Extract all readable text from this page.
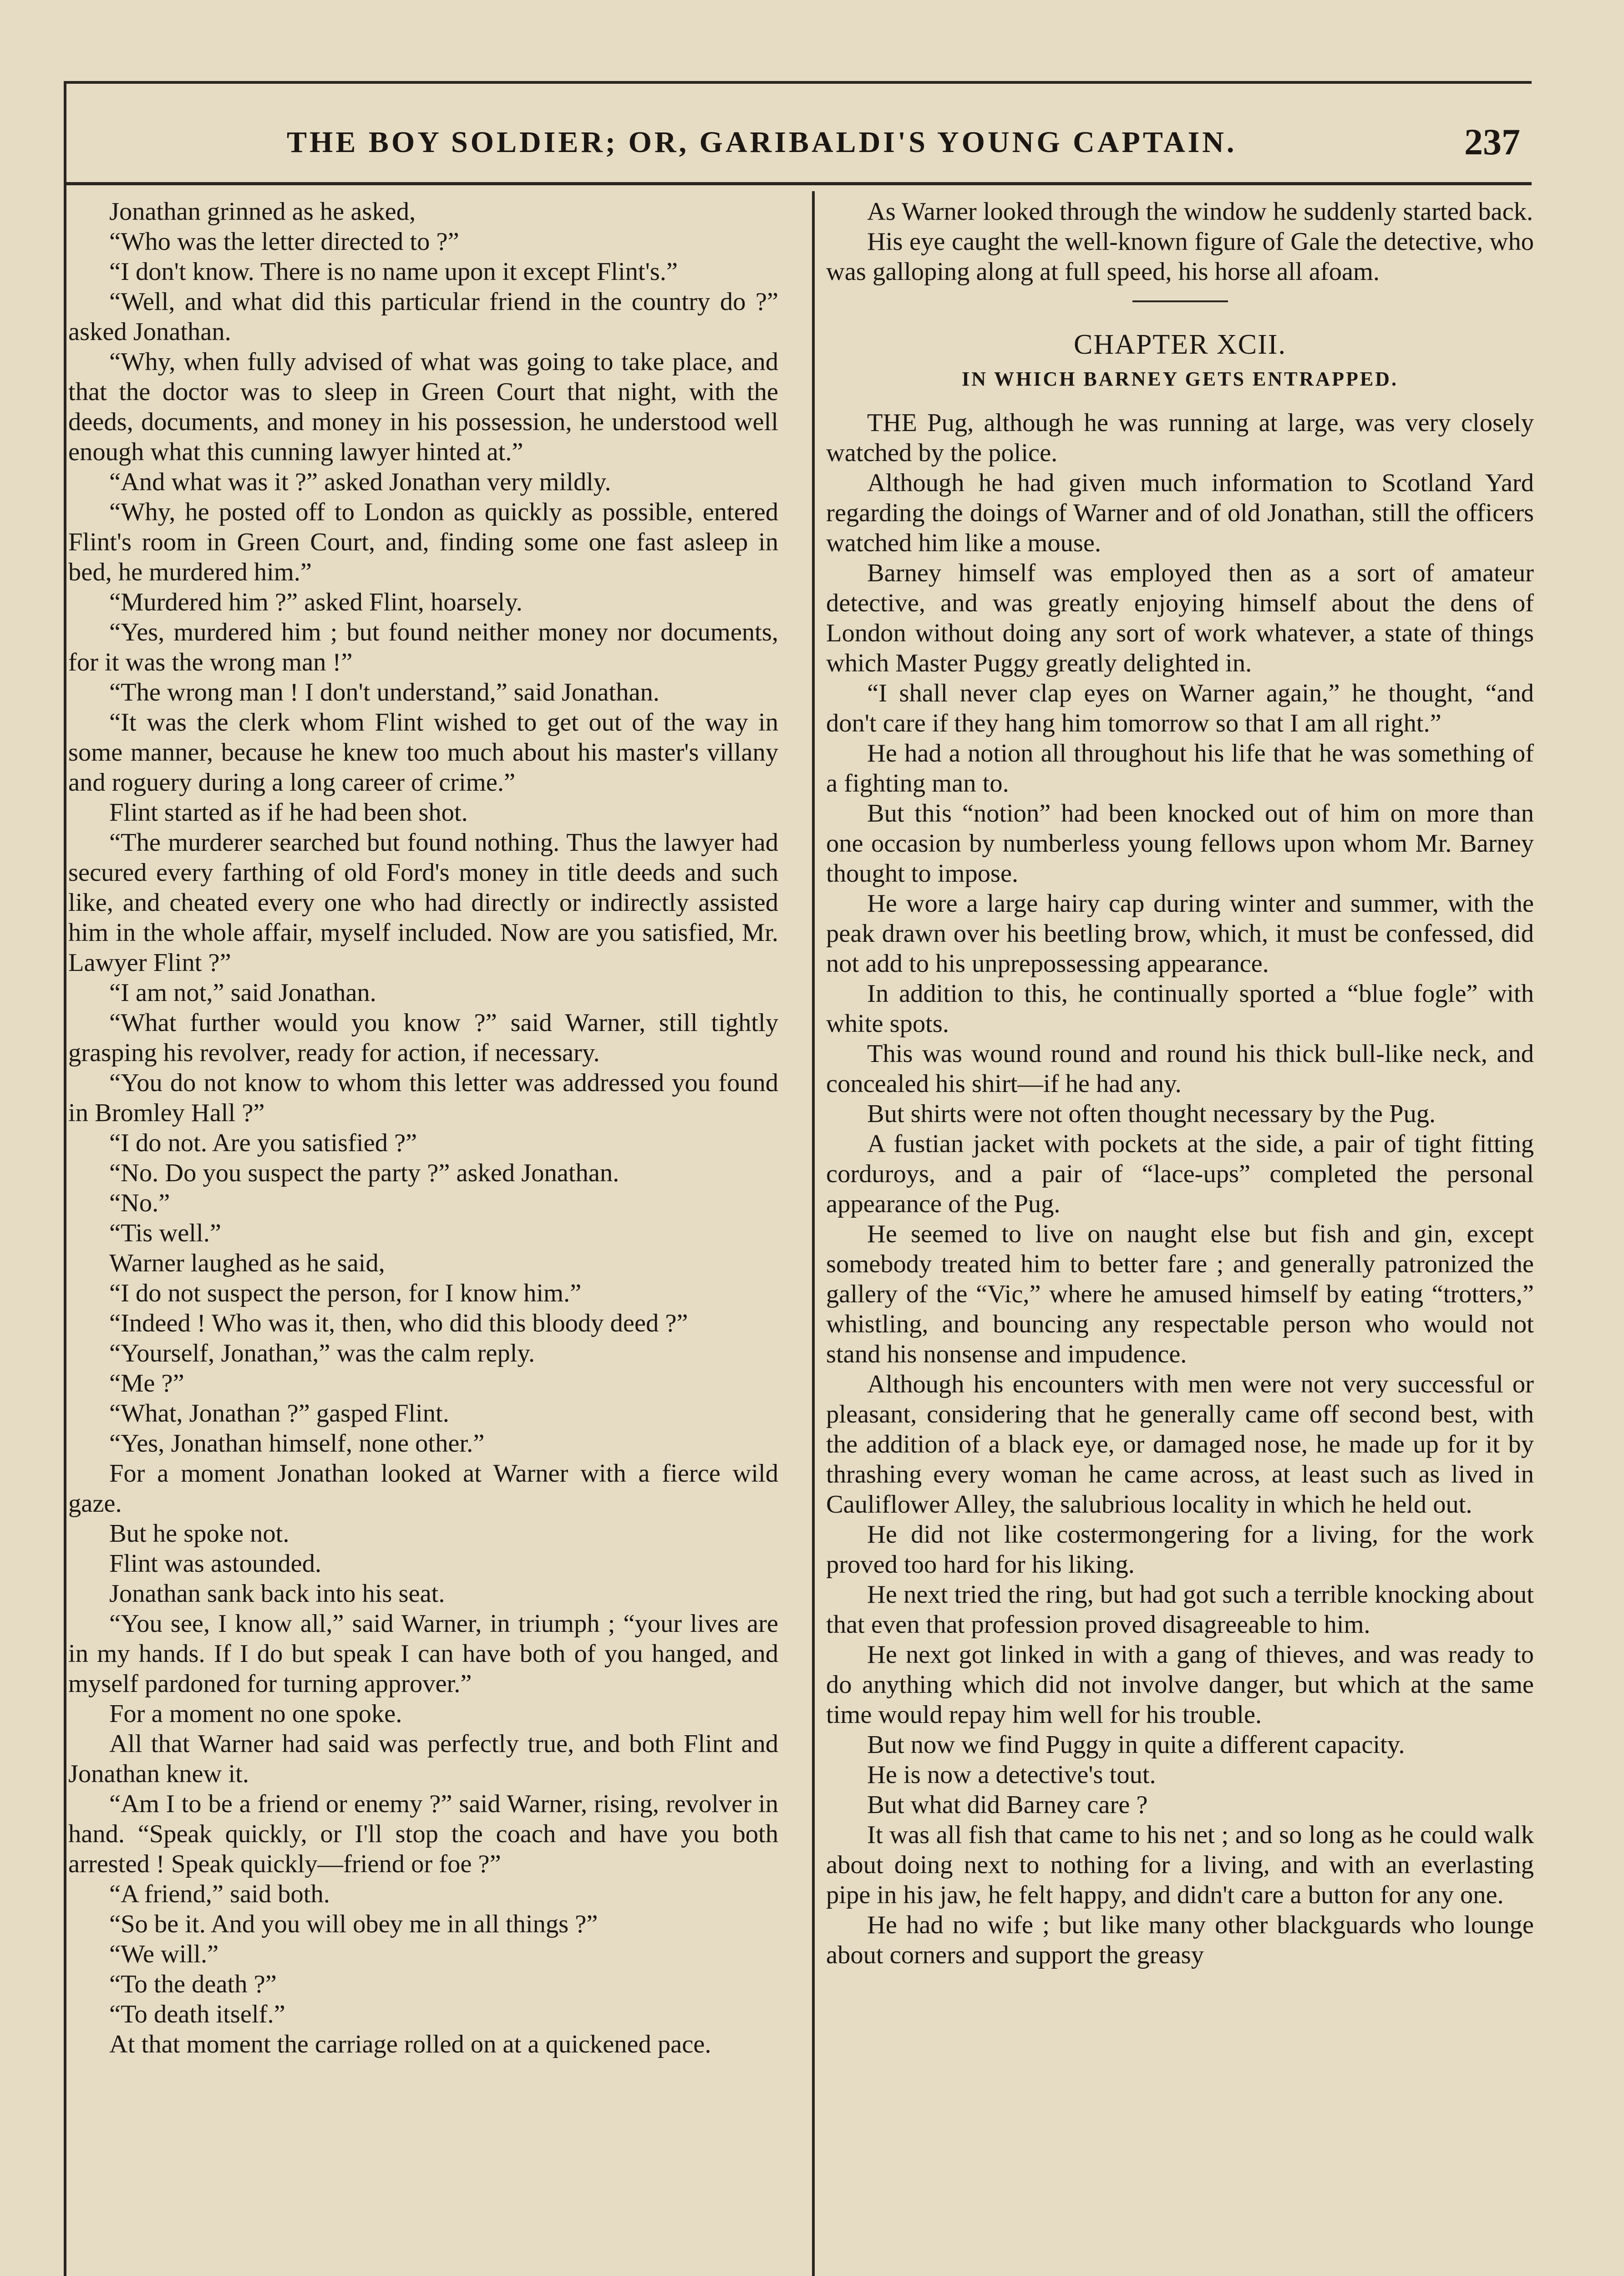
THE BOY SOLDIER; OR, GARIBALDI'S YOUNG CAPTAIN.	237

Jonathan grinned as he asked,

“Who was the letter directed to ?”

“I don't know. There is no name upon it except Flint's.”

“Well, and what did this particular friend in the country do ?” asked Jonathan.

“Why, when fully advised of what was going to take place, and that the doctor was to sleep in Green Court that night, with the deeds, documents, and money in his possession, he understood well enough what this cunning lawyer hinted at.”

“And what was it ?” asked Jonathan very mildly.

“Why, he posted off to London as quickly as possible, entered Flint's room in Green Court, and, finding some one fast asleep in bed, he murdered him.”

“Murdered him ?” asked Flint, hoarsely.

“Yes, murdered him ; but found neither money nor documents, for it was the wrong man !”

“The wrong man ! I don't understand,” said Jonathan.

“It was the clerk whom Flint wished to get out of the way in some manner, because he knew too much about his master's villany and roguery during a long career of crime.”

Flint started as if he had been shot.

“The murderer searched but found nothing. Thus the lawyer had secured every farthing of old Ford's money in title deeds and such like, and cheated every one who had directly or indirectly assisted him in the whole affair, myself included. Now are you satisfied, Mr. Lawyer Flint ?”

“I am not,” said Jonathan.

“What further would you know ?” said Warner, still tightly grasping his revolver, ready for action, if necessary.

“You do not know to whom this letter was addressed you found in Bromley Hall ?”

“I do not. Are you satisfied ?”

“No. Do you suspect the party ?” asked Jonathan.

“No.”

“Tis well.”

Warner laughed as he said,

“I do not suspect the person, for I know him.”

“Indeed ! Who was it, then, who did this bloody deed ?”

“Yourself, Jonathan,” was the calm reply.

“Me ?”

“What, Jonathan ?” gasped Flint.

“Yes, Jonathan himself, none other.”

For a moment Jonathan looked at Warner with a fierce wild gaze.

But he spoke not.

Flint was astounded.

Jonathan sank back into his seat.

“You see, I know all,” said Warner, in triumph ; “your lives are in my hands. If I do but speak I can have both of you hanged, and myself pardoned for turning approver.”

For a moment no one spoke.

All that Warner had said was perfectly true, and both Flint and Jonathan knew it.

“Am I to be a friend or enemy ?” said Warner, rising, revolver in hand. “Speak quickly, or I'll stop the coach and have you both arrested ! Speak quickly—friend or foe ?”

“A friend,” said both.

“So be it. And you will obey me in all things ?”

“We will.”

“To the death ?”

“To death itself.”

At that moment the carriage rolled on at a quickened pace.

As Warner looked through the window he suddenly started back.

His eye caught the well-known figure of Gale the detective, who was galloping along at full speed, his horse all afoam.

CHAPTER XCII.
IN WHICH BARNEY GETS ENTRAPPED.

THE Pug, although he was running at large, was very closely watched by the police.

Although he had given much information to Scotland Yard regarding the doings of Warner and of old Jonathan, still the officers watched him like a mouse.

Barney himself was employed then as a sort of amateur detective, and was greatly enjoying himself about the dens of London without doing any sort of work whatever, a state of things which Master Puggy greatly delighted in.

“I shall never clap eyes on Warner again,” he thought, “and don't care if they hang him tomorrow so that I am all right.”

He had a notion all throughout his life that he was something of a fighting man to.

But this “notion” had been knocked out of him on more than one occasion by numberless young fellows upon whom Mr. Barney thought to impose.

He wore a large hairy cap during winter and summer, with the peak drawn over his beetling brow, which, it must be confessed, did not add to his unprepossessing appearance.

In addition to this, he continually sported a “blue fogle” with white spots.

This was wound round and round his thick bull-like neck, and concealed his shirt—if he had any.

But shirts were not often thought necessary by the Pug.

A fustian jacket with pockets at the side, a pair of tight fitting corduroys, and a pair of “lace-ups” completed the personal appearance of the Pug.

He seemed to live on naught else but fish and gin, except somebody treated him to better fare ; and generally patronized the gallery of the “Vic,” where he amused himself by eating “trotters,” whistling, and bouncing any respectable person who would not stand his nonsense and impudence.

Although his encounters with men were not very successful or pleasant, considering that he generally came off second best, with the addition of a black eye, or damaged nose, he made up for it by thrashing every woman he came across, at least such as lived in Cauliflower Alley, the salubrious locality in which he held out.

He did not like costermongering for a living, for the work proved too hard for his liking.

He next tried the ring, but had got such a terrible knocking about that even that profession proved disagreeable to him.

He next got linked in with a gang of thieves, and was ready to do anything which did not involve danger, but which at the same time would repay him well for his trouble.

But now we find Puggy in quite a different capacity.

He is now a detective's tout.

But what did Barney care ?

It was all fish that came to his net ; and so long as he could walk about doing next to nothing for a living, and with an everlasting pipe in his jaw, he felt happy, and didn't care a button for any one.

He had no wife ; but like many other blackguards who lounge about corners and support the greasy
